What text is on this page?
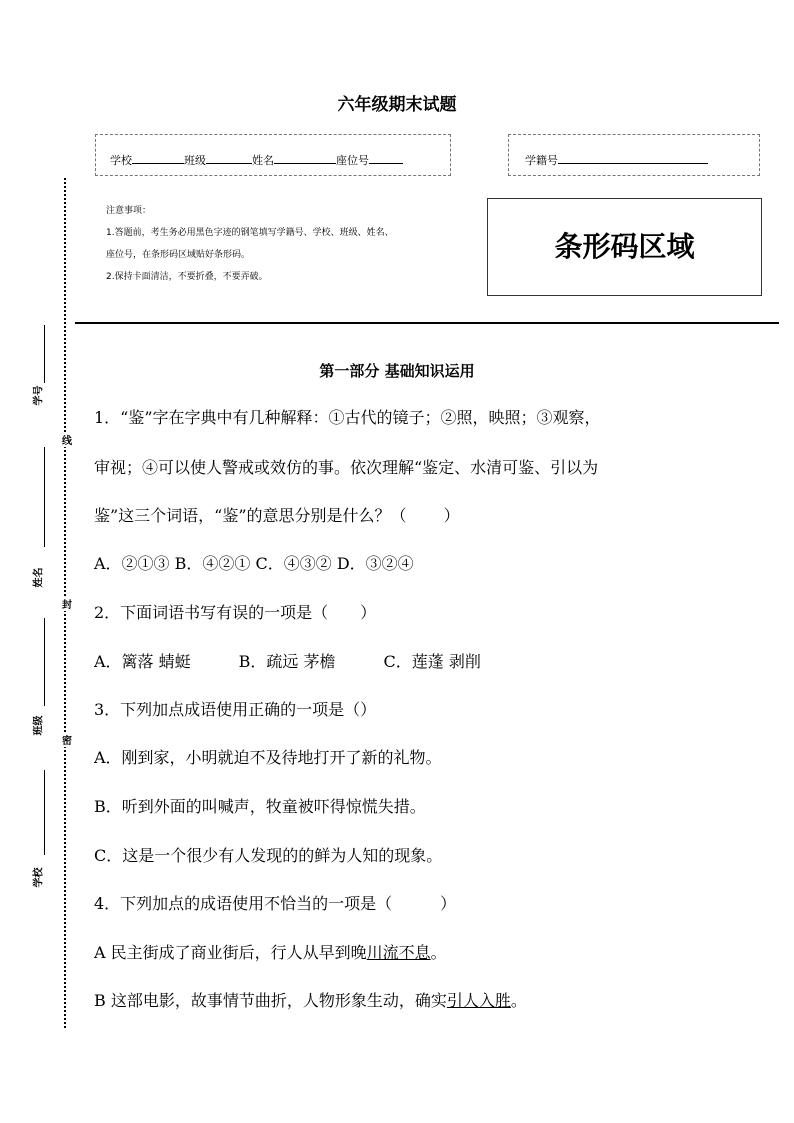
六年级期末试题
学校	班级	姓名	座位号	学籍号
注意事项：
1.答题前，考生务必用黑色字迹的钢笔填写学籍号、学校、班级、姓名、
座位号，在条形码区域贴好条形码。
2.保持卡面清洁，不要折叠，不要弄破。
条形码区域
学号
姓名
班级
学校
线
封
密
第一部分 基础知识运用
1．“鉴”字在字典中有几种解释：①古代的镜子；②照，映照；③观察，
审视；④可以使人警戒或效仿的事。依次理解“鉴定、水清可鉴、引以为
鉴”这三个词语，“鉴”的意思分别是什么？（　　 ）
A．②①③ B．④②① C．④③② D．③②④
2．下面词语书写有误的一项是（　　）
A．篱落 蜻蜓　　　B．疏远 茅檐　　　C．莲蓬 剥削
3．下列加点成语使用正确的一项是（）
A．刚到家，小明就迫不及待地打开了新的礼物。
B．听到外面的叫喊声，牧童被吓得惊慌失措。
C．这是一个很少有人发现的的鲜为人知的现象。
4．下列加点的成语使用不恰当的一项是（　　　）
A 民主街成了商业街后，行人从早到晚川流不息。
B 这部电影，故事情节曲折，人物形象生动，确实引人入胜。
